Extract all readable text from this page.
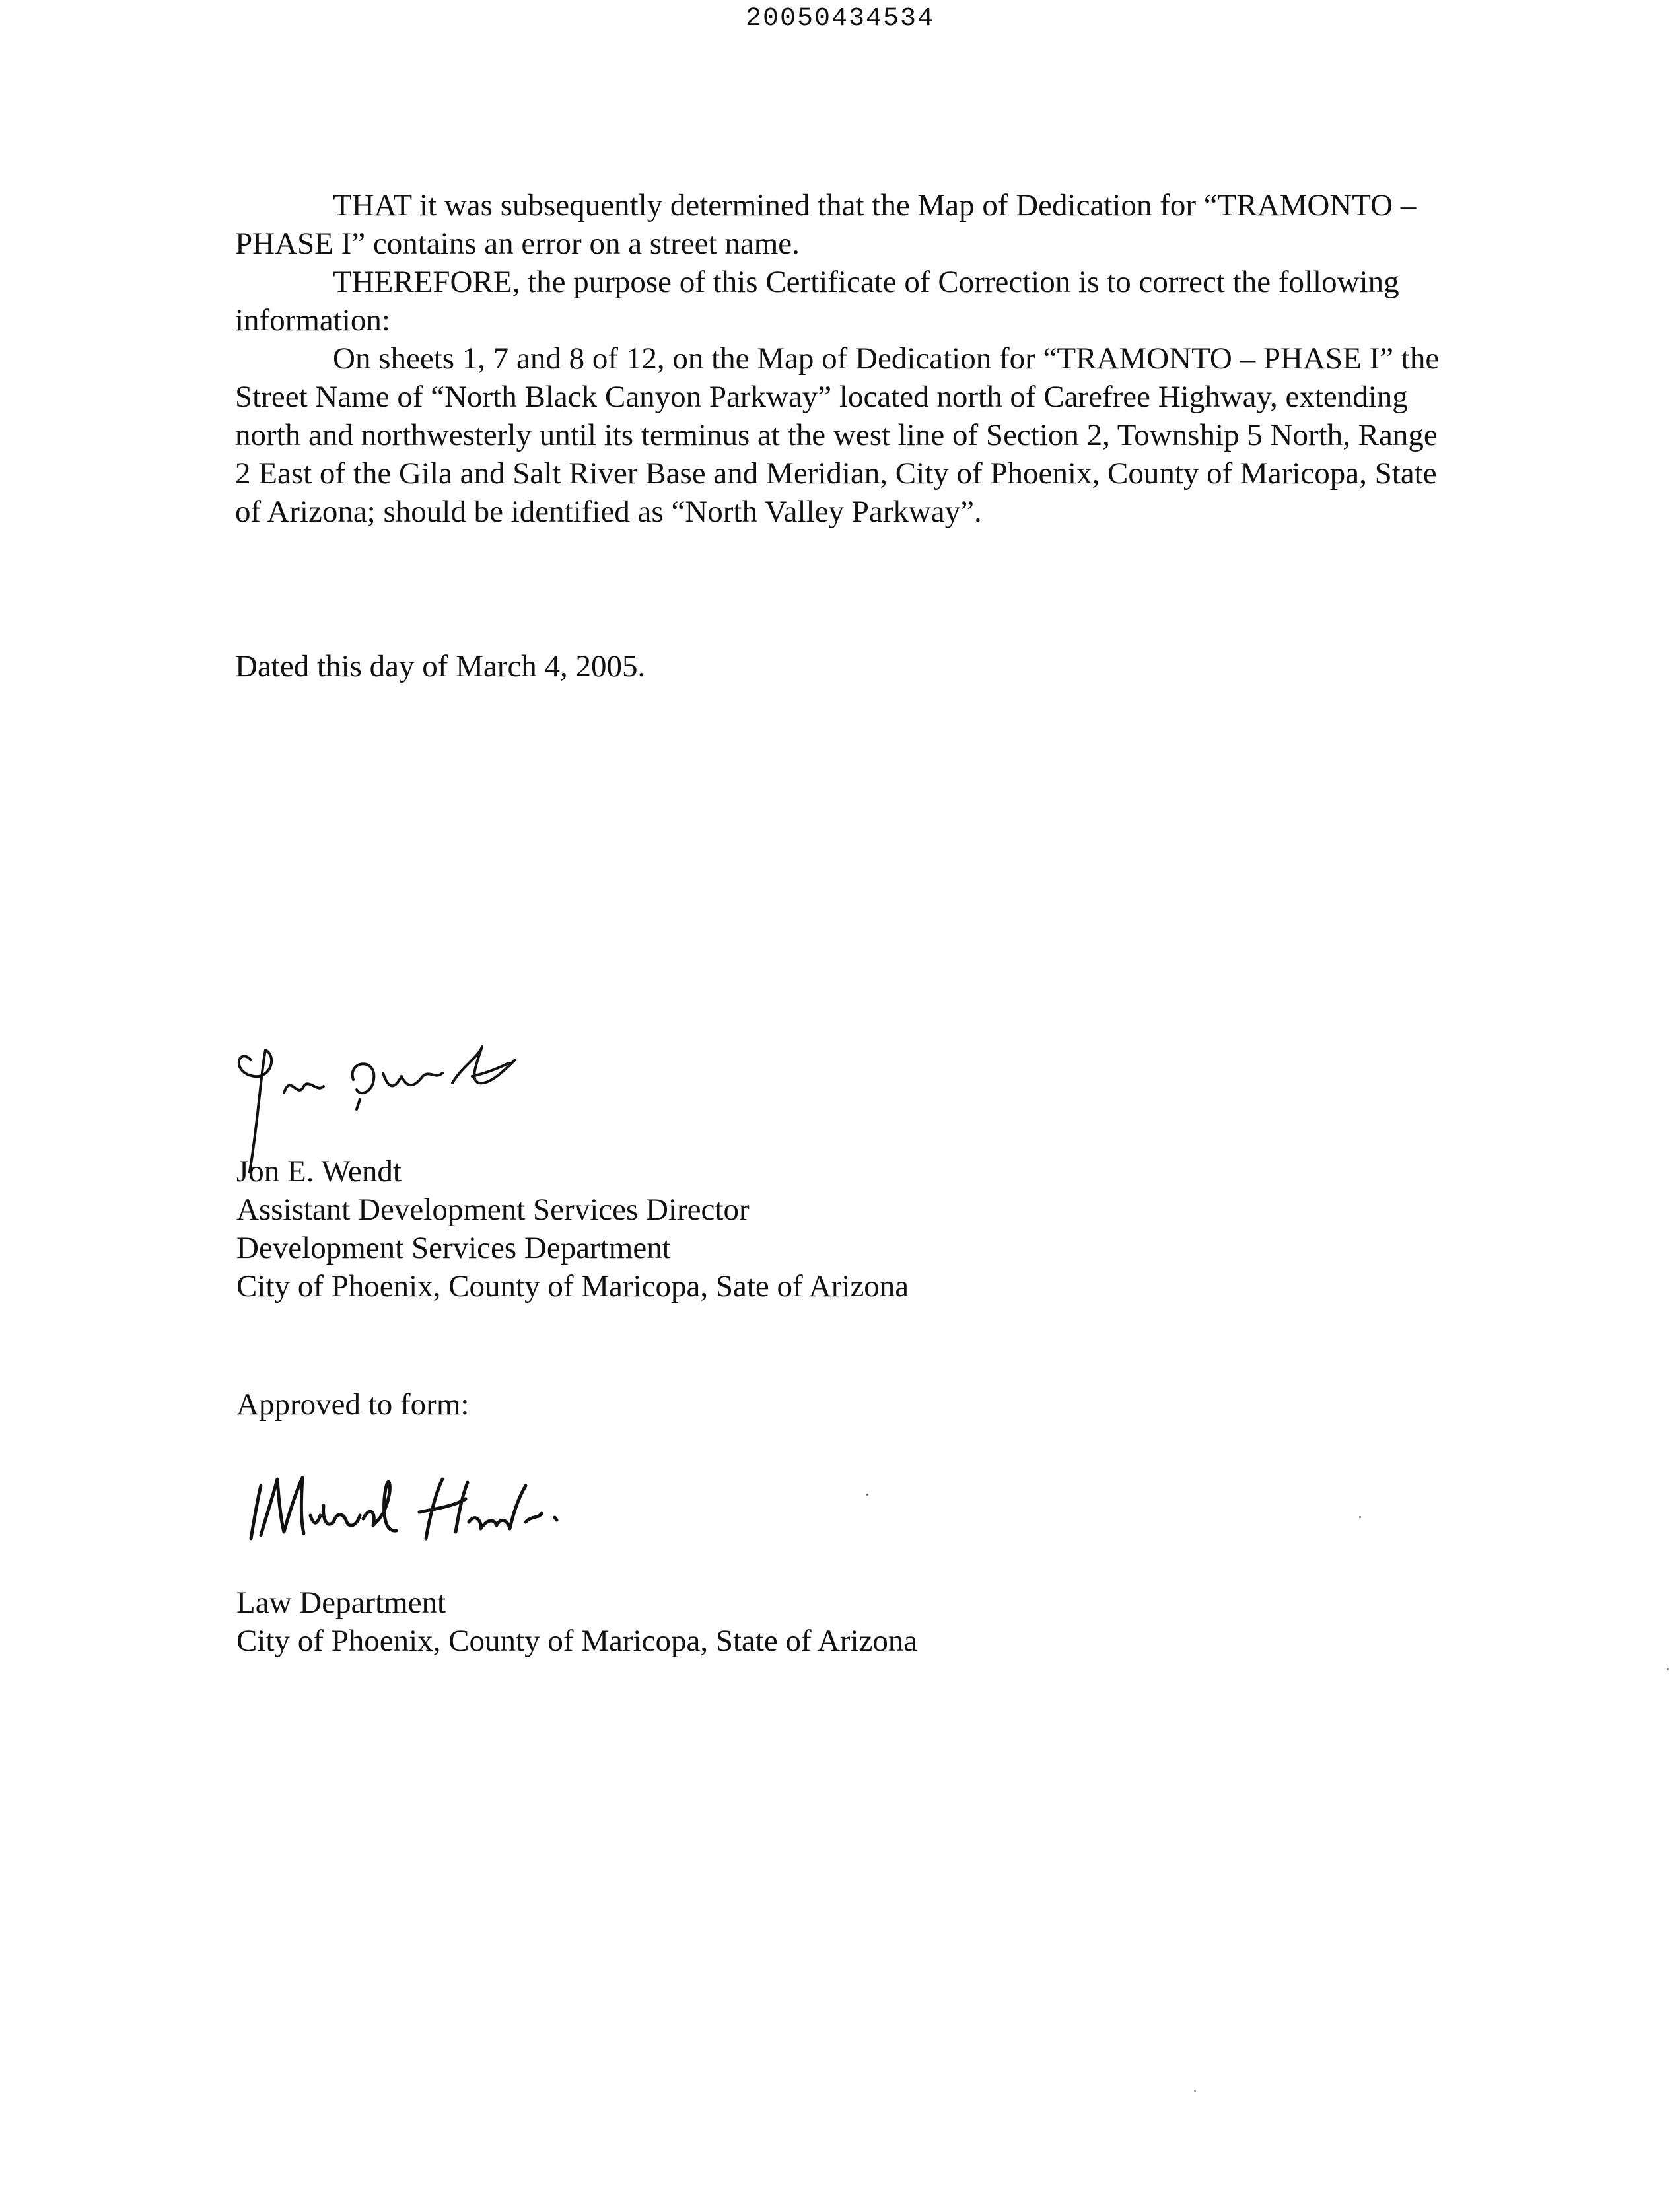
20050434534

THAT it was subsequently determined that the Map of Dedication for “TRAMONTO – PHASE I” contains an error on a street name.

THEREFORE, the purpose of this Certificate of Correction is to correct the following information:

On sheets 1, 7 and 8 of 12, on the Map of Dedication for “TRAMONTO – PHASE I” the Street Name of “North Black Canyon Parkway” located north of Carefree Highway, extending north and northwesterly until its terminus at the west line of Section 2, Township 5 North, Range 2 East of the Gila and Salt River Base and Meridian, City of Phoenix, County of Maricopa, State of Arizona; should be identified as “North Valley Parkway”.

Dated this day of March 4, 2005.
Jon E. Wendt
Assistant Development Services Director
Development Services Department
City of Phoenix, County of Maricopa, Sate of Arizona
Approved to form:
Law Department
City of Phoenix, County of Maricopa, State of Arizona
